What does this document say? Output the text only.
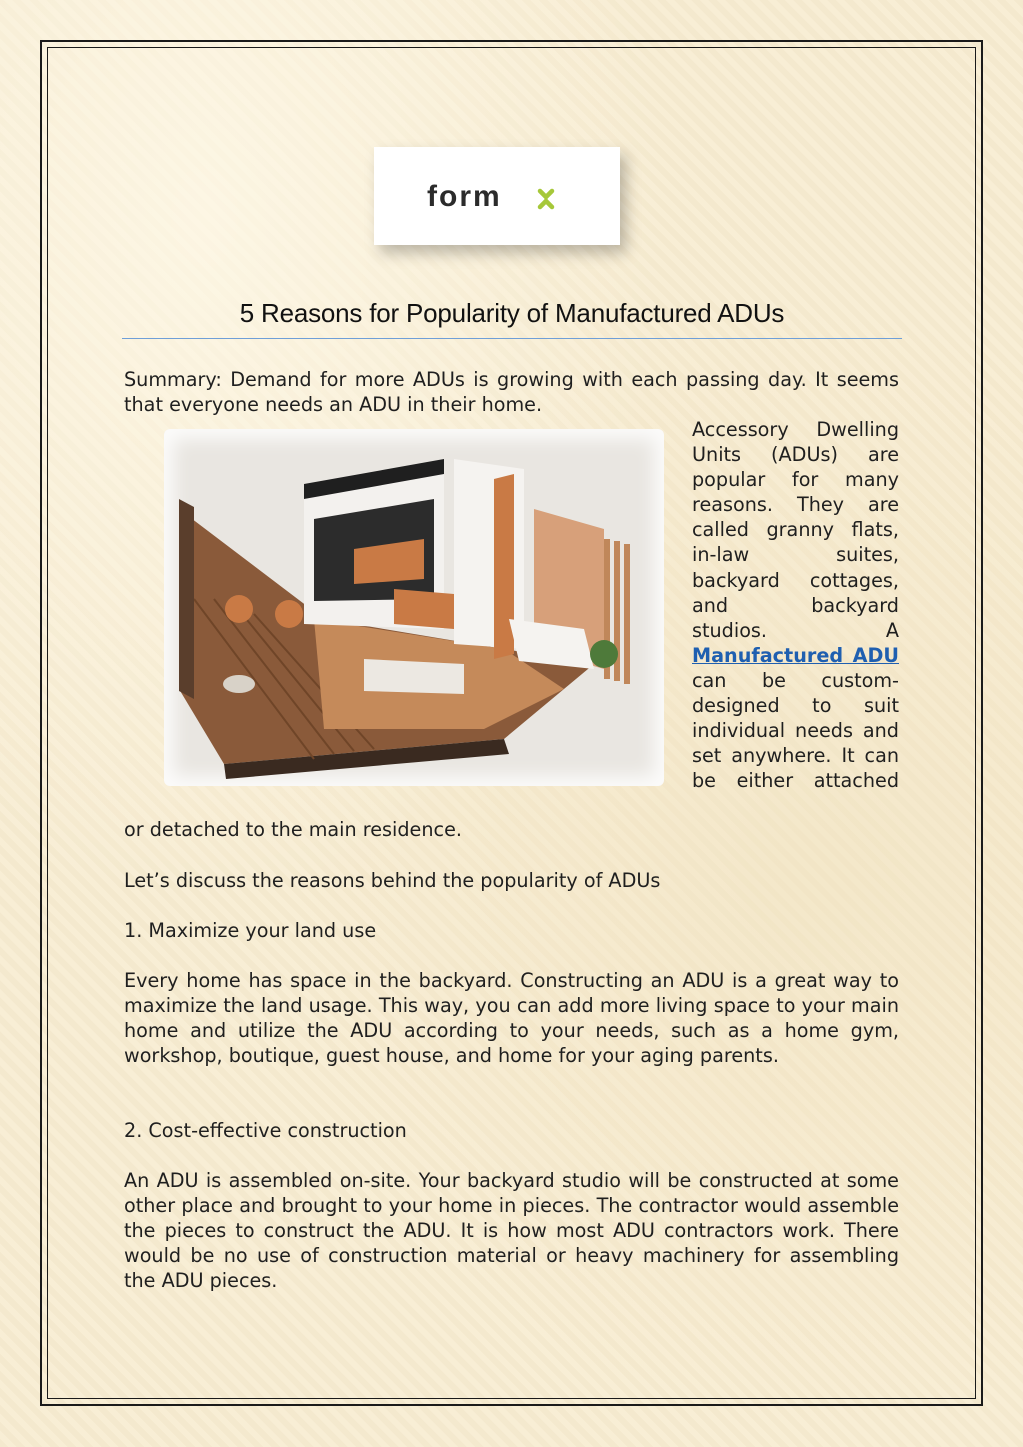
form
5 Reasons for Popularity of Manufactured ADUs

Summary: Demand for more ADUs is growing with each passing day. It seems that everyone needs an ADU in their home.

Accessory Dwelling Units (ADUs) are popular for many reasons. They are called granny flats, in-law suites, backyard cottages, and backyard studios. A Manufactured ADU can be custom-designed to suit individual needs and set anywhere. It can be either attached

or detached to the main residence.

Let’s discuss the reasons behind the popularity of ADUs

1. Maximize your land use

Every home has space in the backyard. Constructing an ADU is a great way to maximize the land usage. This way, you can add more living space to your main home and utilize the ADU according to your needs, such as a home gym, workshop, boutique, guest house, and home for your aging parents.

2. Cost-effective construction

An ADU is assembled on-site. Your backyard studio will be constructed at some other place and brought to your home in pieces. The contractor would assemble the pieces to construct the ADU. It is how most ADU contractors work. There would be no use of construction material or heavy machinery for assembling the ADU pieces.
